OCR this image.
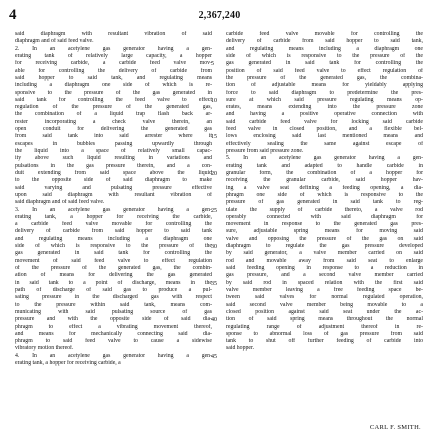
4	2,367,240
said diaphragm with resultant vibration of said
diaphragm and of said feed valve.
2. In an acetylene gas generator having a gen-
erating tank of relatively large capacity, a hopper
for receiving carbide, a carbide feed valve mov-
able for controlling the delivery of carbide from
said hopper to said tank, and regulating means
including a diaphragm one side of which is re-
sponsive to the pressure of the gas generated in
said tank for controlling the feed valve to effect
regulation of the pressure of the generated gas,
the combination of a liquid trap flash back ar-
rester incorporating a check valve therein, an
open conduit for delivering the generated gas
from said tank into said arrester where it
escapes in bubbles passing upwardly through
the liquid into a space of relatively small capac-
ity above such liquid resulting in variations and
pulsations in the gas pressure therein, and a con-
duit extending from said space above the liquid
to the opposite side of said diaphragm to make
said varying and pulsating pressure effective
upon said diaphragm with resultant vibration of
said diaphragm and of said feed valve.
3. In an acetylene gas generator having a gen-
erating tank, a hopper for receiving the carbide,
a carbide feed valve movable for controlling the
delivery of carbide from said hopper to said tank
and regulating means including a diaphragm one
side of which is responsive to the pressure of the
gas generated in said tank for controlling the
movement of said feed valve to effect regulation
of the pressure of the generated gas, the combin-
ation of means for delivering the gas generated
in said tank to a point of discharge, means in the
path of discharge of said gas to produce a pul-
sating pressure in the discharged gas with respect
to the pressure within said tank, means com-
municating with said pulsating source of gas
pressure and with the opposite side of said dia-
phragm to effect a vibrating movement thereof,
and means for mechanically connecting said dia-
phragm to said feed valve to cause a sidewise
vibratory motion thereof.
4. In an acetylene gas generator having a gen-
erating tank, a hopper for receiving carbide, a
5
10
15
20
25
30
35
40
45
carbide feed valve movable for controlling the
delivery of carbide from said hopper to said tank,
and regulating means including a diaphragm one
side of which is responsive to the pressure of the
gas generated in said tank for controlling the
position of said feed valve to effect regulation of
the pressure of the generated gas, the combina-
tion of adjustable means for yieldably applying
force to said diaphragm to predetermine the pres-
sure at which said pressure regulating means op-
erates, means extending into the pressure zone
and having a positive operative connection with
said carbide feed valve for locking said carbide
feed valve in closed position, and a flexible bel-
lows enclosing said last mentioned means and
effectively sealing the same against escape of
pressure from said pressure zone.
5. In an acetylene gas generator having a gen-
erating tank and adapted to handle carbide in
granular form, the combination of a hopper for
receiving the granular carbide, said hopper hav-
ing a valve seat defining a feeding opening, a dia-
phragm one side of which is responsive to the
pressure of gas generated in said tank to reg-
ulate the supply of carbide thereto, a valve rod
operably connected with said diaphragm for
movement in response to the generated gas pres-
sure, adjustable spring means for moving said
valve and opposing the pressure of the gas on said
diaphragm to regulate the gas pressure developed
by said generator, a valve member carried on said
rod and movable away from said seat to enlarge
said feeding opening in response to a reduction in
gas pressure, and a second valve member carried
by said rod in spaced relation with the first said
valve member leaving a free feeding space be-
tween said valves for normal regulated operation,
said second valve member being movable to a
closed position against said seat under the ac-
tion of said spring means throughout the normal
regulating range of adjustment thereof in re-
sponse to abnormal loss of gas pressure from said
tank to shut off further feeding of carbide into
said hopper.
CARL F. SMITH.
